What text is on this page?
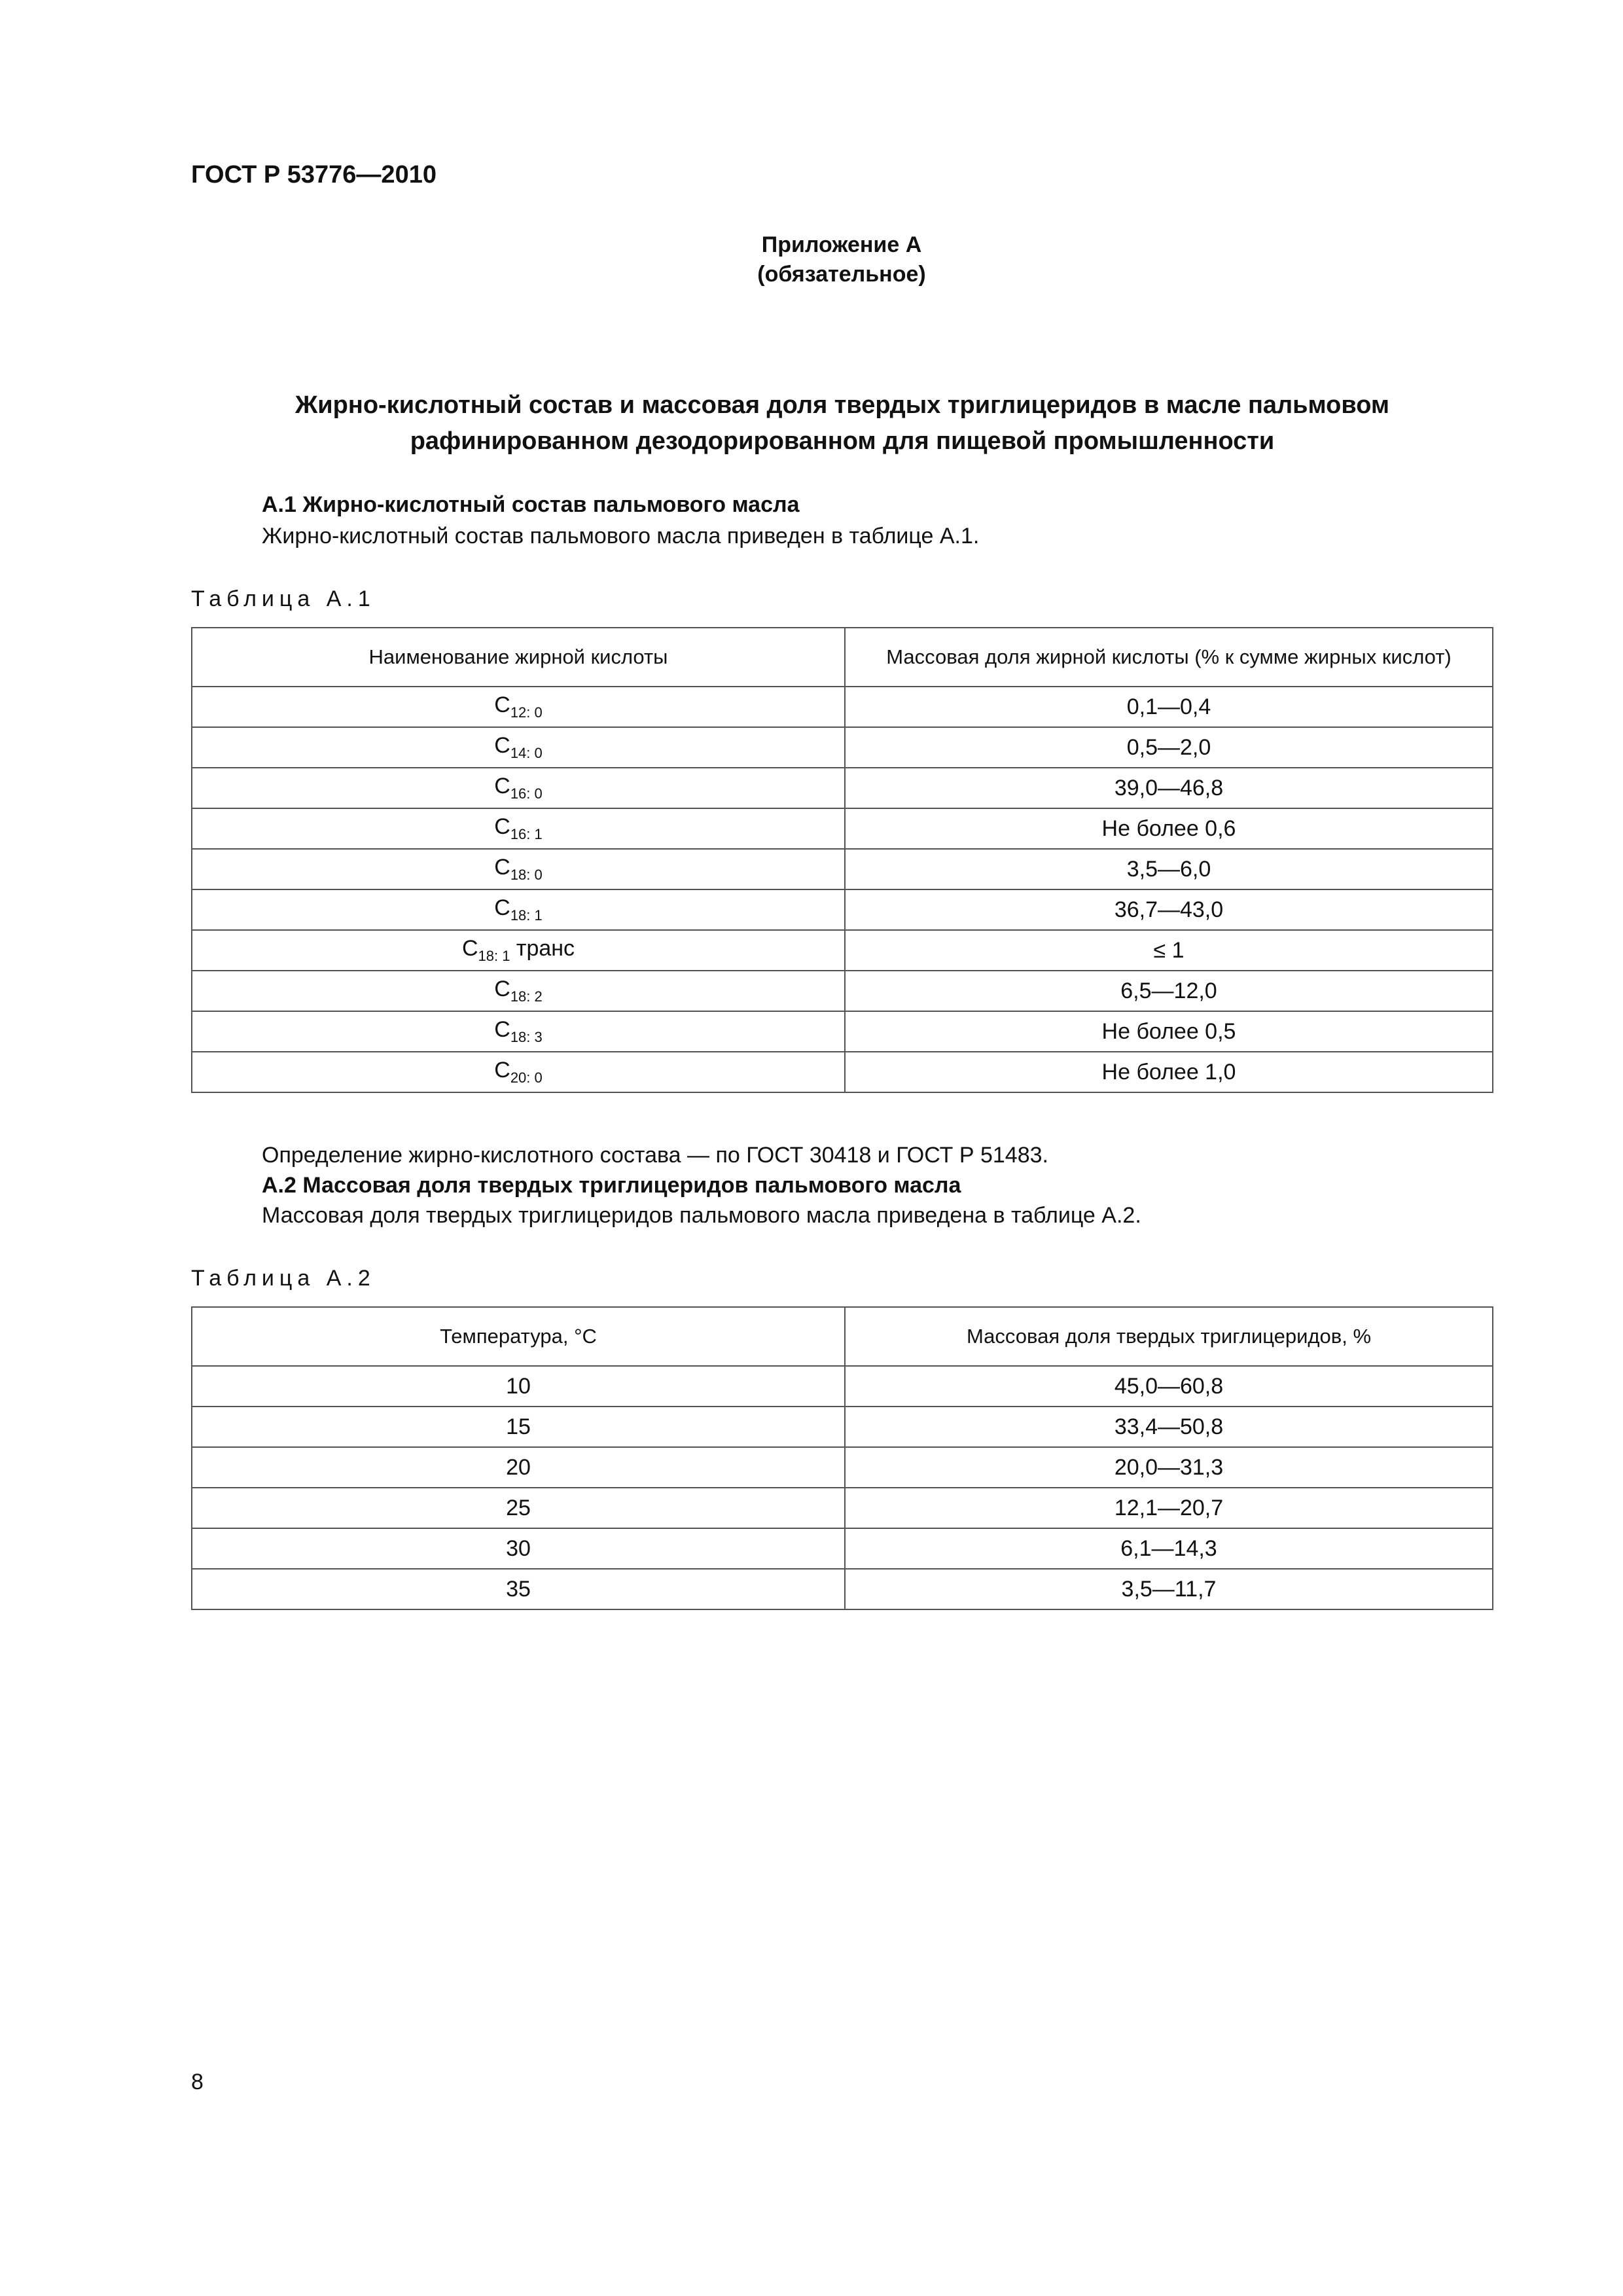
ГОСТ Р 53776—2010
Приложение А
(обязательное)
Жирно-кислотный состав и массовая доля твердых триглицеридов в масле пальмовом
рафинированном дезодорированном для пищевой промышленности
А.1 Жирно-кислотный состав пальмового масла
Жирно-кислотный состав пальмового масла приведен в таблице А.1.
Таблица А.1
Наименование жирной кислоты	Массовая доля жирной кислоты (% к сумме жирных кислот)
$С_{12: 0}$	0,1—0,4
$С_{14: 0}$	0,5—2,0
$С_{16: 0}$	39,0—46,8
$С_{16: 1}$	Не более 0,6
$С_{18: 0}$	3,5—6,0
$С_{18: 1}$	36,7—43,0
$С_{18: 1}$ транс	≤ 1
$С_{18: 2}$	6,5—12,0
$С_{18: 3}$	Не более 0,5
$С_{20: 0}$	Не более 1,0
Определение жирно-кислотного состава — по ГОСТ 30418 и ГОСТ Р 51483.
А.2 Массовая доля твердых триглицеридов пальмового масла
Массовая доля твердых триглицеридов пальмового масла приведена в таблице А.2.
Таблица А.2
Температура, °С	Массовая доля твердых триглицеридов, %
10	45,0—60,8
15	33,4—50,8
20	20,0—31,3
25	12,1—20,7
30	6,1—14,3
35	3,5—11,7
8
